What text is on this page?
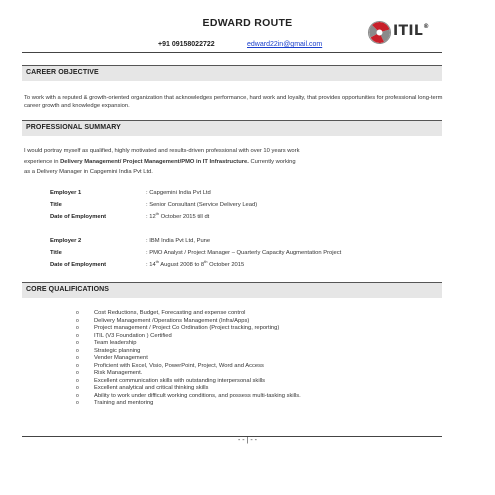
EDWARD ROUTE
+91 09158022722	edward22in@gmail.com
ITIL®
CAREER OBJECTIVE
To work with a reputed & growth-oriented organization that acknowledges performance, hard work and loyalty, that provides opportunities for professional long-term career growth and knowledge expansion.
PROFESSIONAL SUMMARY
I would portray myself as qualified, highly motivated and results-driven professional with over 10 years work
experience in Delivery Management/ Project Management/PMO in IT Infrastructure. Currently working
as a Delivery Manager in Capgemini India Pvt Ltd.
Employer 1	: Capgemini India Pvt Ltd
Title	: Senior Consultant (Service Delivery Lead)
Date of Employment	: 12th October 2015 till dt
Employer 2	: IBM India Pvt Ltd, Pune
Title	: PMO Analyst / Project Manager – Quarterly Capacity Augmentation Project
Date of Employment	: 14th August 2008 to 8th October 2015
CORE QUALIFICATIONS
o	Cost Reductions, Budget, Forecasting and expense control
o	Delivery Management /Operations Management (Infra/Apps)
o	Project management / Project Co Ordination (Project tracking, reporting)
o	ITIL (V3 Foundation ) Certified
o	Team leadership
o	Strategic planning
o	Vender Management
o	Proficient with Excel, Visio, PowerPoint, Project, Word and Access
o	Risk Management.
o	Excellent communication skills with outstanding interpersonal skills
o	Excellent analytical and critical thinking skills
o	Ability to work under difficult working conditions, and possess multi-tasking skills.
o	Training and mentoring
- - | - -
